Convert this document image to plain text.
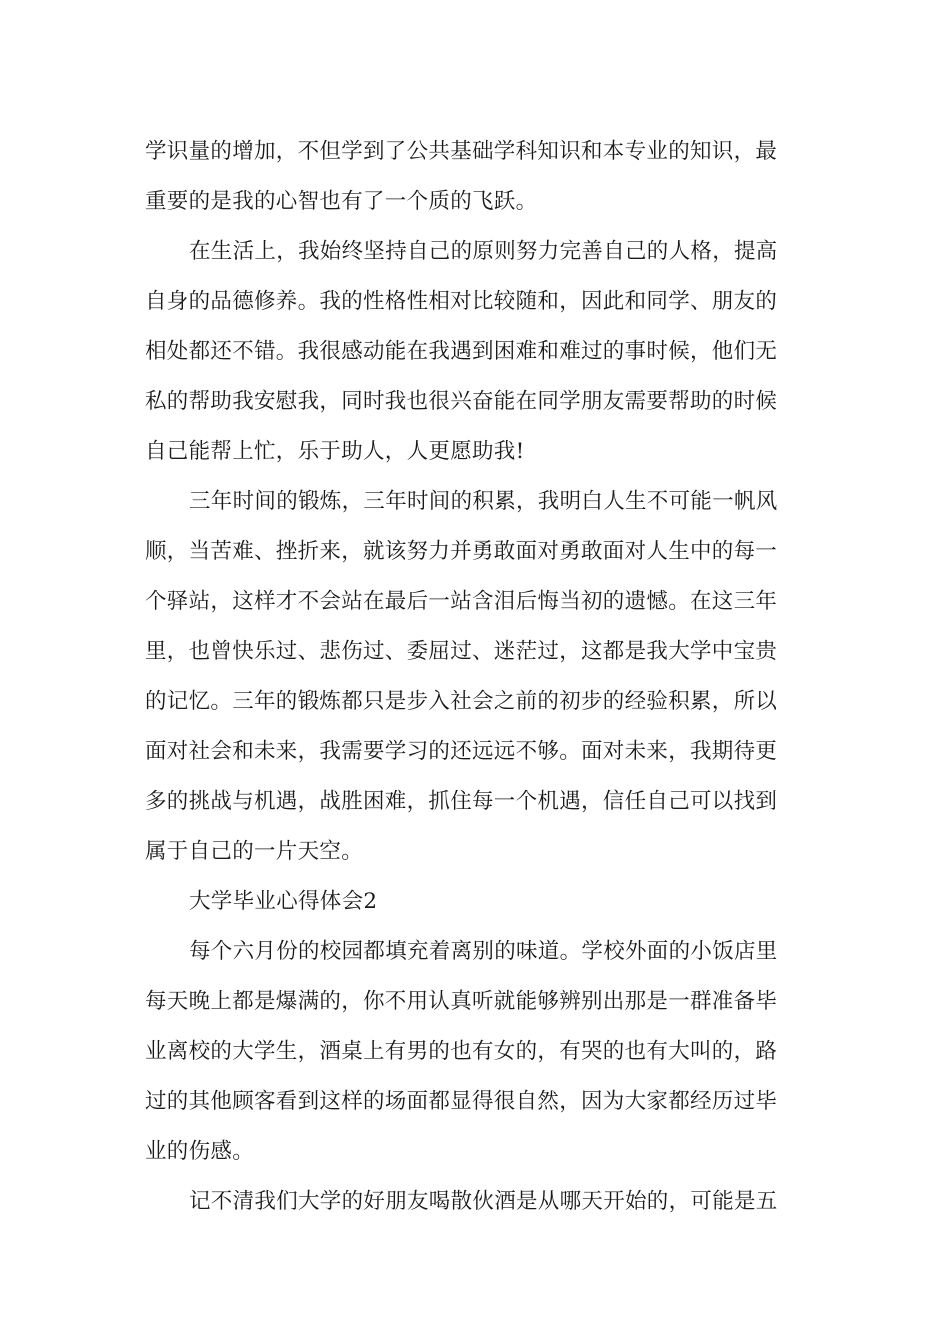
学识量的增加，不但学到了公共基础学科知识和本专业的知识，最
重要的是我的心智也有了一个质的飞跃。
在生活上，我始终坚持自己的原则努力完善自己的人格，提高
自身的品德修养。我的性格性相对比较随和，因此和同学、朋友的
相处都还不错。我很感动能在我遇到困难和难过的事时候，他们无
私的帮助我安慰我，同时我也很兴奋能在同学朋友需要帮助的时候
自己能帮上忙，乐于助人，人更愿助我!
三年时间的锻炼，三年时间的积累，我明白人生不可能一帆风
顺，当苦难、挫折来，就该努力并勇敢面对勇敢面对人生中的每一
个驿站，这样才不会站在最后一站含泪后悔当初的遗憾。在这三年
里，也曾快乐过、悲伤过、委屈过、迷茫过，这都是我大学中宝贵
的记忆。三年的锻炼都只是步入社会之前的初步的经验积累，所以
面对社会和未来，我需要学习的还远远不够。面对未来，我期待更
多的挑战与机遇，战胜困难，抓住每一个机遇，信任自己可以找到
属于自己的一片天空。
大学毕业心得体会2
每个六月份的校园都填充着离别的味道。学校外面的小饭店里
每天晚上都是爆满的，你不用认真听就能够辨别出那是一群准备毕
业离校的大学生，酒桌上有男的也有女的，有哭的也有大叫的，路
过的其他顾客看到这样的场面都显得很自然，因为大家都经历过毕
业的伤感。
记不清我们大学的好朋友喝散伙酒是从哪天开始的，可能是五
